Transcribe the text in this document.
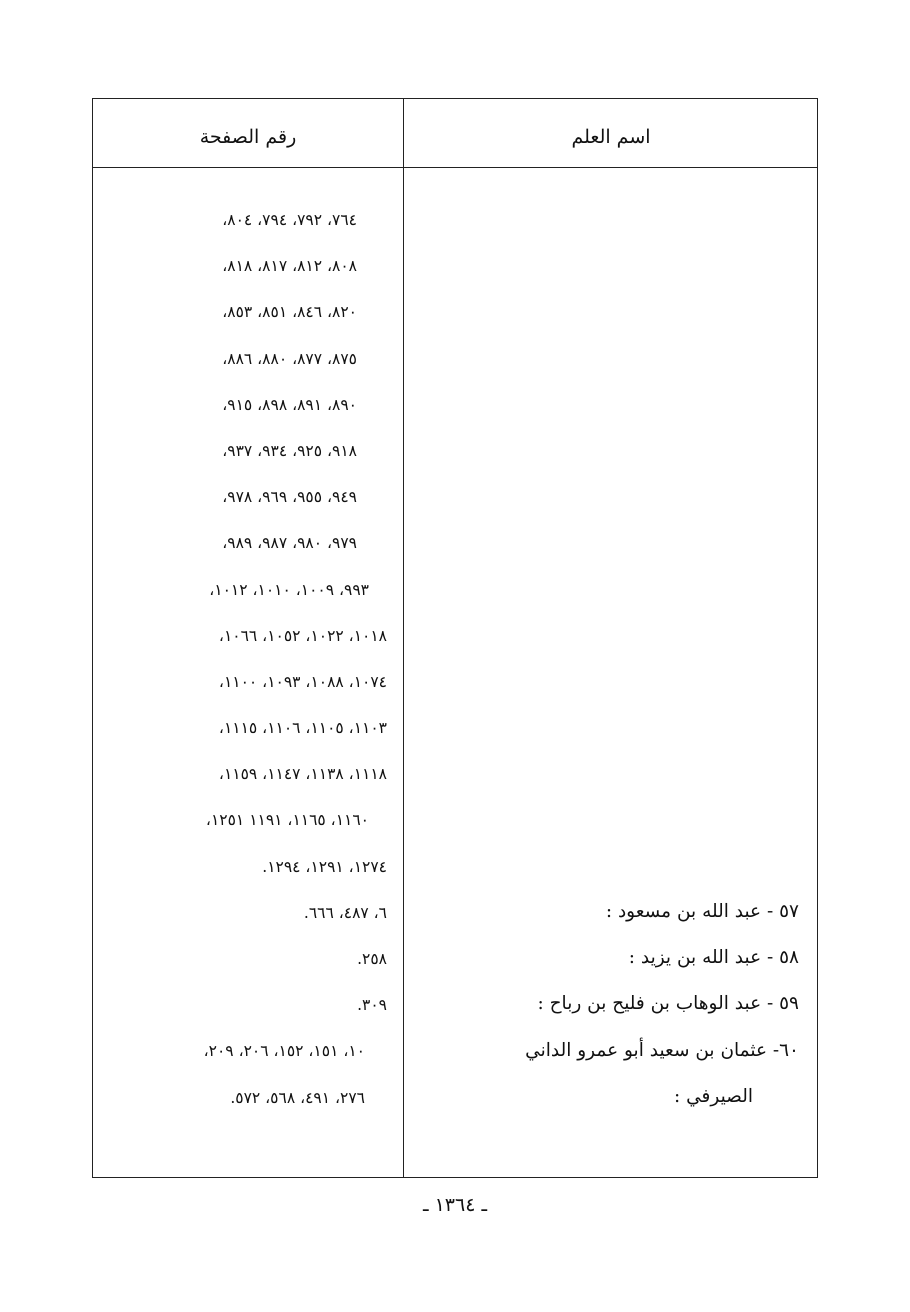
رقم الصفحة	اسم العلم
٧٦٤، ٧٩٢، ٧٩٤، ٨٠٤،
٨٠٨، ٨١٢، ٨١٧، ٨١٨،
٨٢٠، ٨٤٦، ٨٥١، ٨٥٣،
٨٧٥، ٨٧٧، ٨٨٠، ٨٨٦،
٨٩٠، ٨٩١، ٨٩٨، ٩١٥،
٩١٨، ٩٢٥، ٩٣٤، ٩٣٧،
٩٤٩، ٩٥٥، ٩٦٩، ٩٧٨،
٩٧٩، ٩٨٠، ٩٨٧، ٩٨٩،
٩٩٣، ١٠٠٩، ١٠١٠، ١٠١٢،
١٠١٨، ١٠٢٢، ١٠٥٢، ١٠٦٦،
١٠٧٤، ١٠٨٨، ١٠٩٣، ١١٠٠،
١١٠٣، ١١٠٥، ١١٠٦، ١١١٥،
١١١٨، ١١٣٨، ١١٤٧، ١١٥٩،
١١٦٠، ١١٦٥، ١١٩١ ١٢٥١،
١٢٧٤، ١٢٩١، ١٢٩٤.
٦، ٤٨٧، ٦٦٦.
٢٥٨.
٣٠٩.
١٠، ١٥١، ١٥٢، ٢٠٦، ٢٠٩،
٢٧٦، ٤٩١، ٥٦٨، ٥٧٢.
٥٧ - عبد الله بن مسعود :
٥٨ - عبد الله بن يزيد :
٥٩ - عبد الوهاب بن فليح بن رباح :
٦٠- عثمان بن سعيد أبو عمرو الداني
الصيرفي :
ـ ١٣٦٤ ـ
